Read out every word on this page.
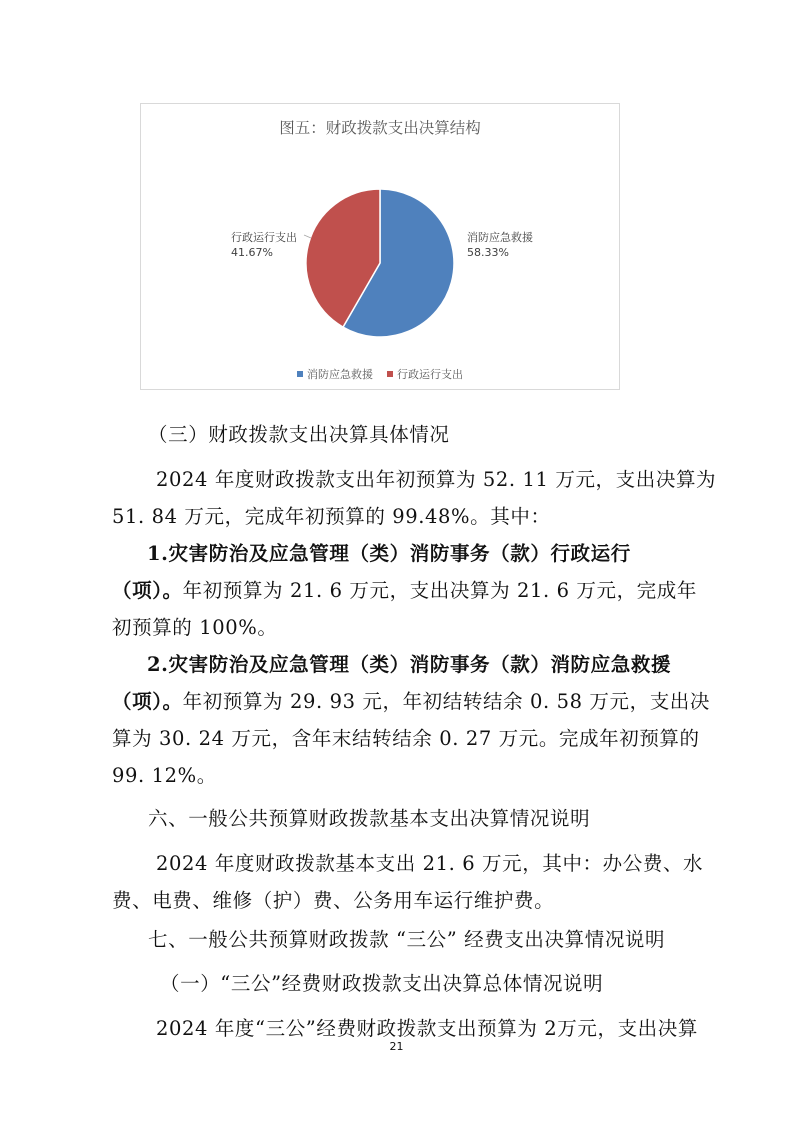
图五：财政拨款支出决算结构
消防应急救援
58.33%
行政运行支出
41.67%
消防应急救援 行政运行支出
（三）财政拨款支出决算具体情况
2024 年度财政拨款支出年初预算为 52. 11 万元，支出决算为
51. 84 万元，完成年初预算的 99.48%。其中：
1.灾害防治及应急管理（类）消防事务（款）行政运行
（项）。年初预算为 21. 6 万元，支出决算为 21. 6 万元，完成年
初预算的 100%。
2.灾害防治及应急管理（类）消防事务（款）消防应急救援
（项）。年初预算为 29. 93 元，年初结转结余 0. 58 万元，支出决
算为 30. 24 万元，含年末结转结余 0. 27 万元。完成年初预算的
99. 12%。
六、一般公共预算财政拨款基本支出决算情况说明
2024 年度财政拨款基本支出 21. 6 万元，其中：办公费、水
费、电费、维修（护）费、公务用车运行维护费。
七、一般公共预算财政拨款 “三公” 经费支出决算情况说明
（一）“三公”经费财政拨款支出决算总体情况说明
2024 年度“三公”经费财政拨款支出预算为 2万元，支出决算
21
